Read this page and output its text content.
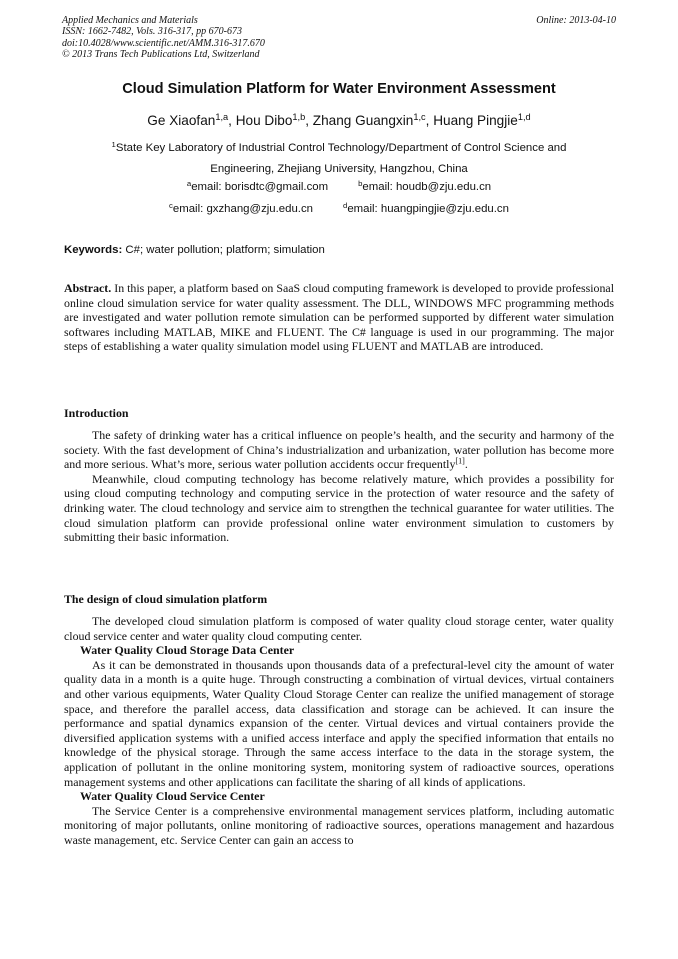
Applied Mechanics and Materials
ISSN: 1662-7482, Vols. 316-317, pp 670-673
doi:10.4028/www.scientific.net/AMM.316-317.670
© 2013 Trans Tech Publications Ltd, Switzerland
Online: 2013-04-10
Cloud Simulation Platform for Water Environment Assessment
Ge Xiaofan$^{1,a}$, Hou Dibo$^{1,b}$, Zhang Guangxin$^{1,c}$, Huang Pingjie$^{1,d}$
$^1$State Key Laboratory of Industrial Control Technology/Department of Control Science and
Engineering, Zhejiang University, Hangzhou, China
$^a$email: borisdtc@gmail.com	$^b$email: houdb@zju.edu.cn
$^c$email: gxzhang@zju.edu.cn	$^d$email: huangpingjie@zju.edu.cn
Keywords: C#; water pollution; platform; simulation

Abstract. In this paper, a platform based on SaaS cloud computing framework is developed to provide professional online cloud simulation service for water quality assessment. The DLL, WINDOWS MFC programming methods are investigated and water pollution remote simulation can be performed supported by different water simulation softwares including MATLAB, MIKE and FLUENT. The C# language is used in our programming. The major steps of establishing a water quality simulation model using FLUENT and MATLAB are introduced.

Introduction

The safety of drinking water has a critical influence on people’s health, and the security and harmony of the society. With the fast development of China’s industrialization and urbanization, water pollution has become more and more serious. What’s more, serious water pollution accidents occur frequently[1].

Meanwhile, cloud computing technology has become relatively mature, which provides a possibility for using cloud computing technology and computing service in the protection of water resource and the safety of drinking water. The cloud technology and service aim to strengthen the technical guarantee for water utilities. The cloud simulation platform can provide professional online water environment simulation to customers by submitting their basic information.

The design of cloud simulation platform

The developed cloud simulation platform is composed of water quality cloud storage center, water quality cloud service center and water quality cloud computing center.

Water Quality Cloud Storage Data Center

As it can be demonstrated in thousands upon thousands data of a prefectural-level city the amount of water quality data in a month is a quite huge. Through constructing a combination of virtual devices, virtual containers and other various equipments, Water Quality Cloud Storage Center can realize the unified management of storage space, and therefore the parallel access, data classification and storage can be achieved. It can insure the performance and spatial dynamics expansion of the center. Virtual devices and virtual containers provide the diversified application systems with a unified access interface and apply the specified information that entails no knowledge of the physical storage. Through the same access interface to the data in the storage system, the application of pollutant in the online monitoring system, monitoring system of radioactive sources, operations management systems and other applications can facilitate the sharing of all kinds of applications.

Water Quality Cloud Service Center

The Service Center is a comprehensive environmental management services platform, including automatic monitoring of major pollutants, online monitoring of radioactive sources, operations management and hazardous waste management, etc. Service Center can gain an access to
